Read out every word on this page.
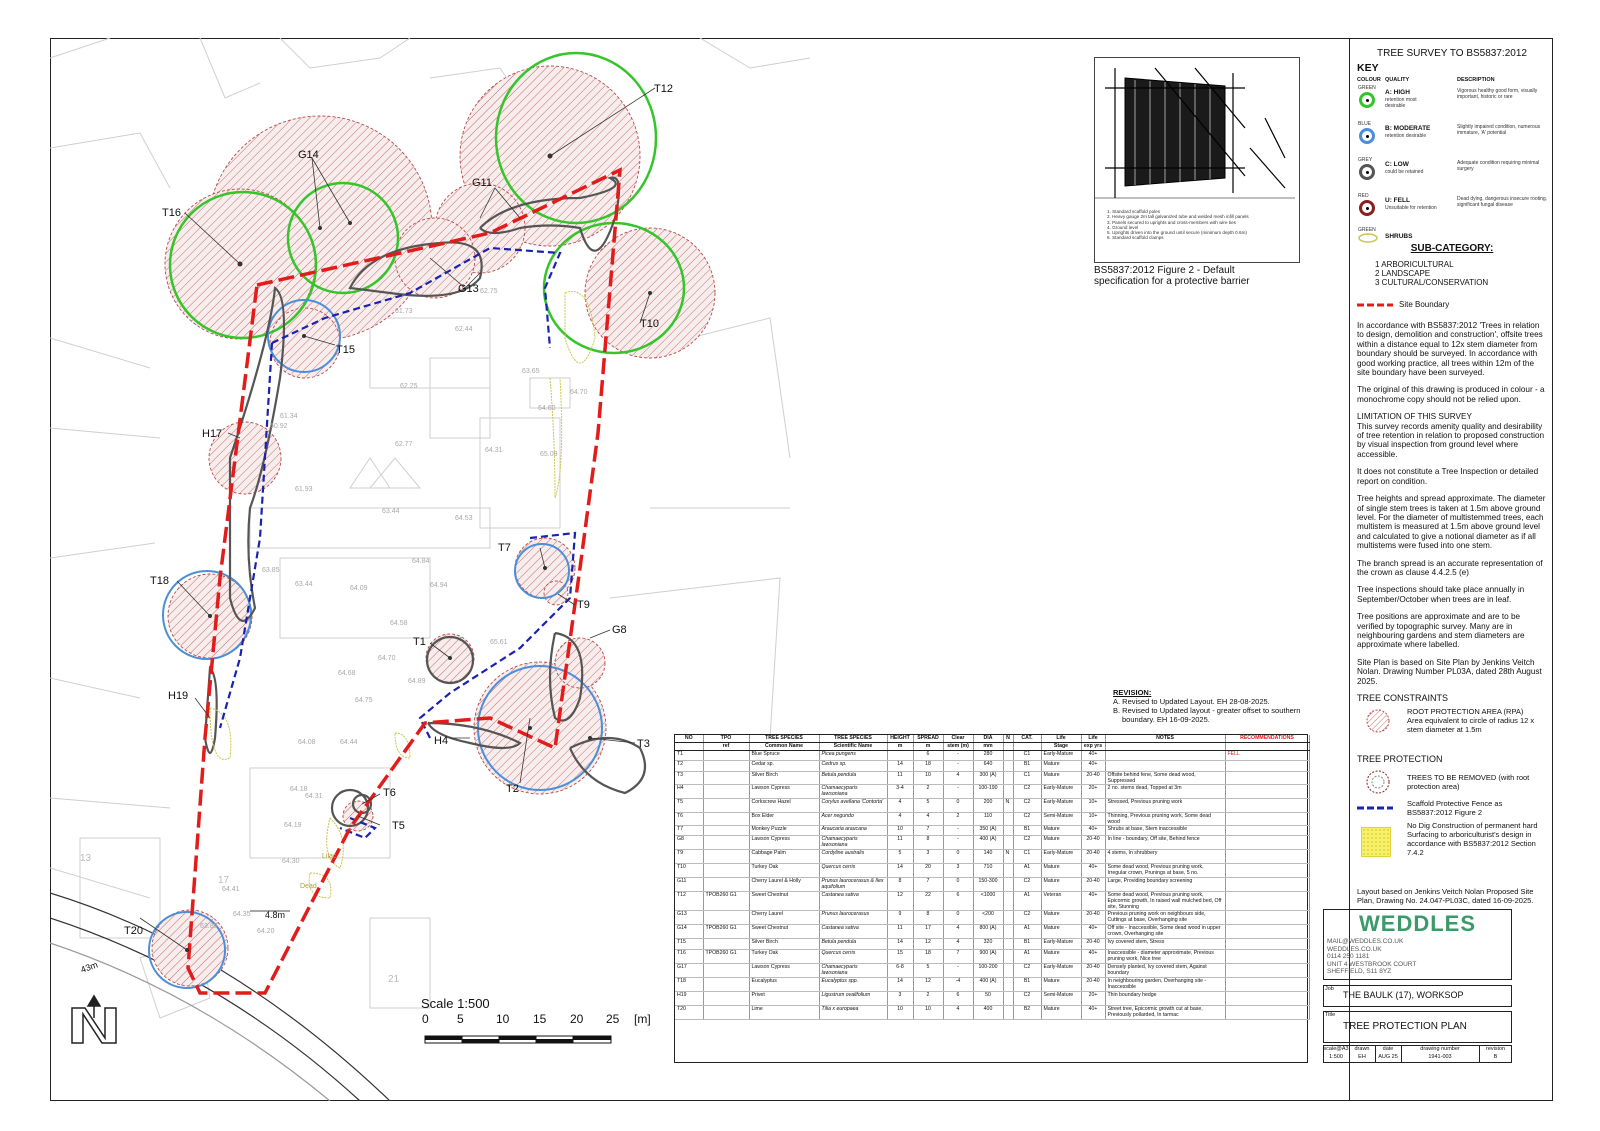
T12
G14
T16
G11
G13
T10
T15
H17
T7
T9
G8
T18
T1
H19
H4	T3
T2
T6
T5
T20
62.75
61.73
62.44
63.65
62.25
61.34
64.70
64.60
60.92
62.77
64.31
65.09
61.93
63.44
64.53
63.44
64.84
64.94
63.85
64.09
64.58
65.61
64.70
64.68
64.89
64.75
64.08	64.44
64.18
64.31
64.19
64.30
64.41
64.35
64.20
63.85
4.8m
Lilac
Dead
43m
13
17
21
N
Scale 1:500
0 5	10 15 20 25 [m]
1. Standard scaffold poles
2. Heavy gauge 2m tall galvanized tube and welded mesh infill panels
3. Panels secured to uprights and cross-members with wire ties
4. Ground level
5. Uprights driven into the ground until secure (minimum depth 0.6m)
6. Standard scaffold clamps
BS5837:2012 Figure 2 - Default
specification for a protective barrier
REVISION:
A. Revised to Updated Layout. EH 28-08-2025.
B. Revised to Updated layout - greater offset to southern
boundary. EH 16-09-2025.
NO	TPO	TREE SPECIES	TREE SPECIES	HEIGHT	SPREAD	Clear	DIA	N	CAT.	Life	Life	NOTES	RECOMMENDATIONS
	ref	Common Name	Scientific Name	m	m	stem (m)	mm			Stage	exp yrs		
T1		Blue Spruce	Picea pungens		6	-	280		C1	Early-Mature	40+		FELL
T2		Cedar sp.	Cedrus sp.	14	18	-	640		B1	Mature	40+		
T3		Silver Birch	Betula pendula	11	10	4	300 (A)		C1	Mature	20-40	Offsite behind fene, Some dead wood, Suppressed	
H4		Lawson Cypress	Chamaecyparis lawsoniana	3-4	2	-	100-190		C2	Early-Mature	20+	2 no. stems dead, Topped at 3m	
T5		Corkscrew Hazel	Corylus avellana 'Contorta'	4	5	0	200	N	C2	Early-Mature	10+	Stressed, Previous pruning work	
T6		Box Elder	Acer negundo	4	4	2	110		C2	Semi-Mature	10+	Thinning, Previous pruning work, Some dead wood	
T7		Monkey Puzzle	Araucaria araucana	10	7	-	350 (A)		B1	Mature	40+	Shrubs at base, Stem inaccessible	
G8		Lawson Cypress	Chamaecyparis lawsoniana	11	8	-	400 (A)		C2	Mature	20-40	In line - boundary, Off site, Behind fence	
T9		Cabbage Palm	Cordyline australis	5	3	0	140	N	C1	Early-Mature	20-40	4 stems, In shrubbery	
T10		Turkey Oak	Quercus cerris	14	20	3	710		A1	Mature	40+	Some dead wood, Previous pruning work, Irregular crown, Prunings at base, 5 no.	
G11		Cherry Laurel & Holly	Prunus laurocerasus & Ilex aquifolium	8	7	0	150-300		C2	Mature	20-40	Large, Providing boundary screening	
T12	TPOB260 G1	Sweet Chestnut	Castanea sativa	12	22	6	<1000		A1	Veteran	40+	Some dead wood, Previous pruning work, Epicormic growth, In raised wall mulched bed, Off site, Stunning	
G13		Cherry Laurel	Prunus laurocerasus	9	8	0	<200		C2	Mature	20-40	Previous pruning work on neighbours side, Cuttings at base, Overhanging site	
G14	TPOB260 G1	Sweet Chestnut	Castanea sativa	11	17	4	800 (A)		A1	Mature	40+	Off site - Inaccessible, Some dead wood in upper crown, Overhanging site	
T15		Silver Birch	Betula pendula	14	12	4	320		B1	Early-Mature	20-40	Ivy covered stem, Stress	
T16	TPOB260 G1	Turkey Oak	Quercus cerris	15	18	7	900 (A)		A1	Mature	40+	Inaccessible - diameter approximate, Previous pruning work, Nice tree	
G17		Lawson Cypress	Chamaecyparis lawsoniana	6-8	5	-	100-200		C2	Early-Mature	20-40	Densely planted, Ivy covered stem, Against boundary	
T18		Eucalyptus	Eucalyptus spp.	14	12	-4	400 (A)		B1	Mature	20-40	In neighbouring garden, Overhanging site - Inaccessible	
H19		Privet	Ligustrum ovalifolium	3	2	6	50		C2	Semi-Mature	20+	Thin boundary hedge	
T20		Lime	Tilia x europaea	10	10	4	400		B2	Mature	40+	Street tree, Epicormic growth cut at base, Previously pollarded, In tarmac	
TREE SURVEY TO BS5837:2012
KEY
COLOUR QUALITY	DESCRIPTION
GREEN
A: HIGH
retention most desirable
Vigorous healthy good form, visually important, historic or rare
BLUE
B: MODERATE
retention desirable
Slightly impaired condition, numerous immature, 'A' potential
GREY
C: LOW
could be retained
Adequate condition requiring minimal surgery
RED
U: FELL
Unsuitable for retention
Dead dying, dangerous insecure rooting, significant fungal disease
GREEN
SHRUBS
SUB-CATEGORY:
1 ARBORICULTURAL
2 LANDSCAPE
3 CULTURAL/CONSERVATION
Site Boundary

In accordance with BS5837:2012 'Trees in relation to design, demolition and construction', offsite trees within a distance equal to 12x stem diameter from boundary should be surveyed. In accordance with good working practice, all trees within 12m of the site boundary have been surveyed.

The original of this drawing is produced in colour - a monochrome copy should not be relied upon.

LIMITATION OF THIS SURVEY
This survey records amenity quality and desirability of tree retention in relation to proposed construction by visual inspection from ground level where accessible.

It does not constitute a Tree Inspection or detailed report on condition.

Tree heights and spread approximate. The diameter of single stem trees is taken at 1.5m above ground level. For the diameter of multistemmed trees, each multistem is measured at 1.5m above ground level and calculated to give a notional diameter as if all multistems were fused into one stem.

The branch spread is an accurate representation of the crown as clause 4.4.2.5 (e)

Tree inspections should take place annually in September/October when trees are in leaf.

Tree positions are approximate and are to be verified by topographic survey. Many are in neighbouring gardens and stem diameters are approximate where labelled.

Site Plan is based on Site Plan by Jenkins Veitch Nolan. Drawing Number PL03A, dated 28th August 2025.

TREE CONSTRAINTS
ROOT PROTECTION AREA (RPA)
Area equivalent to circle of radius 12 x stem diameter at 1.5m
TREE PROTECTION
TREES TO BE REMOVED (with root protection area)
Scaffold Protective Fence as BS5837:2012 Figure 2
No Dig Construction of permanent hard Surfacing to arboriculturist's design in accordance with BS5837:2012 Section 7.4.2
Layout based on Jenkins Veitch Nolan Proposed Site Plan, Drawing No. 24.047-PL03C, dated 16-09-2025.
WEDDLES
MAIL@WEDDLES.CO.UK
WEDDLES.CO.UK
0114 250 1181
UNIT 4 WESTBROOK COURT
SHEFFIELD, S11 8YZ
Job
THE BAULK (17), WORKSOP
Title
TREE PROTECTION PLAN
scale@A3
1:500
drawn
EH
date
AUG 25
drawing number
1941-003
revision
B
